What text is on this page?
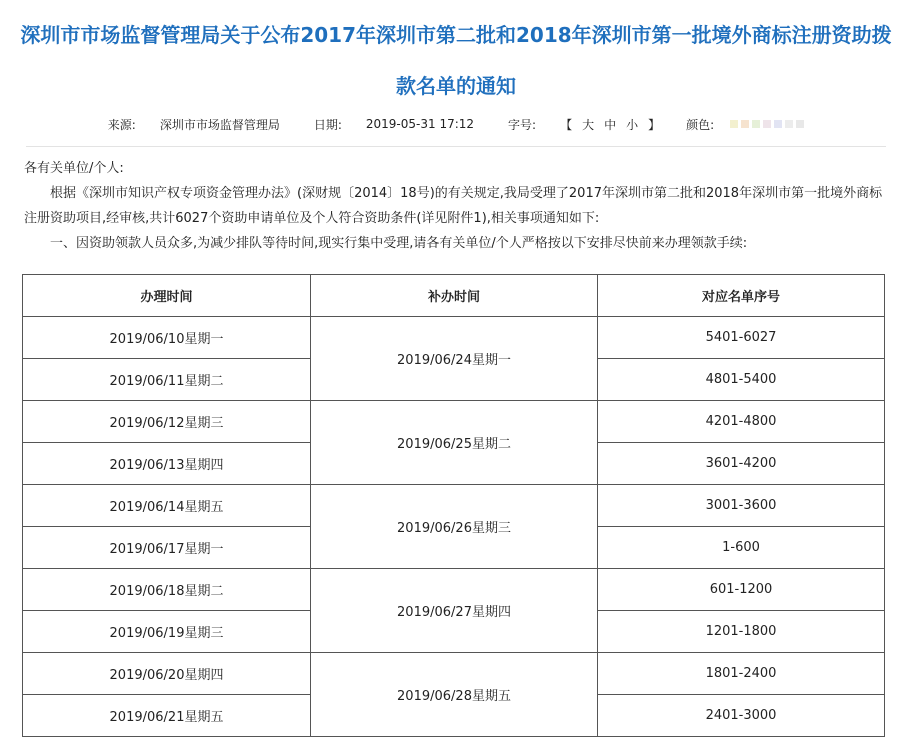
深圳市市场监督管理局关于公布2017年深圳市第二批和2018年深圳市第一批境外商标注册资助拨款名单的通知
来源: 深圳市市场监督管理局	日期: 2019-05-31 17:12	字号: 【 大 中 小 】 颜色:

各有关单位/个人:

根据《深圳市知识产权专项资金管理办法》(深财规〔2014〕18号)的有关规定,我局受理了2017年深圳市第二批和2018年深圳市第一批境外商标注册资助项目,经审核,共计6027个资助申请单位及个人符合资助条件(详见附件1),相关事项通知如下:

一、因资助领款人员众多,为减少排队等待时间,现实行集中受理,请各有关单位/个人严格按以下安排尽快前来办理领款手续:

办理时间	补办时间	对应名单序号
2019/06/10星期一	2019/06/24星期一	5401-6027
2019/06/11星期二		4801-5400
2019/06/12星期三	2019/06/25星期二	4201-4800
2019/06/13星期四		3601-4200
2019/06/14星期五	2019/06/26星期三	3001-3600
2019/06/17星期一		1-600
2019/06/18星期二	2019/06/27星期四	601-1200
2019/06/19星期三		1201-1800
2019/06/20星期四	2019/06/28星期五	1801-2400
2019/06/21星期五		2401-3000
